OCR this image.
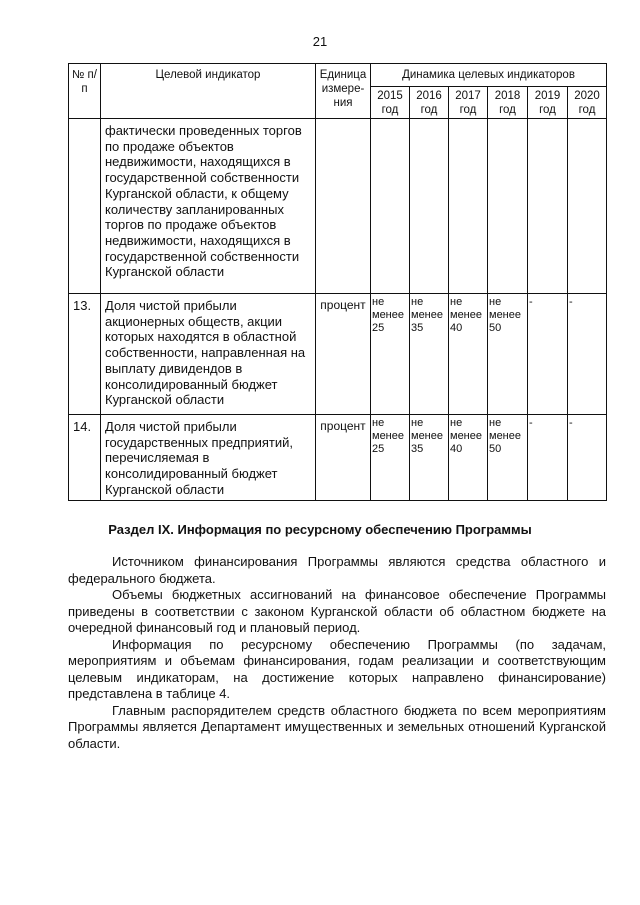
21
№ п/п	Целевой индикатор	Единица измере-ния	Динамика целевых индикаторов					
			2015 год	2016 год	2017 год	2018 год	2019 год	2020 год
	фактически проведенных торгов по продаже объектов недвижимости, находящихся в государственной собственности Курганской области, к общему количеству запланированных торгов по продаже объектов недвижимости, находящихся в государственной собственности Курганской области							
13.	Доля чистой прибыли акционерных обществ, акции которых находятся в областной собственности, направленная на выплату дивидендов в консолидированный бюджет Курганской области	процент	не менее 25	не менее 35	не менее 40	не менее 50	-	-
14.	Доля чистой прибыли государственных предприятий, перечисляемая в консолидированный бюджет Курганской области	процент	не менее 25	не менее 35	не менее 40	не менее 50	-	-
Раздел IX. Информация по ресурсному обеспечению Программы

Источником финансирования Программы являются средства областного и федерального бюджета.

Объемы бюджетных ассигнований на финансовое обеспечение Программы приведены в соответствии с законом Курганской области об областном бюджете на очередной финансовый год и плановый период.

Информация по ресурсному обеспечению Программы (по задачам, мероприятиям и объемам финансирования, годам реализации и соответствующим целевым индикаторам, на достижение которых направлено финансирование) представлена в таблице 4.

Главным распорядителем средств областного бюджета по всем мероприятиям Программы является Департамент имущественных и земельных отношений Курганской области.
